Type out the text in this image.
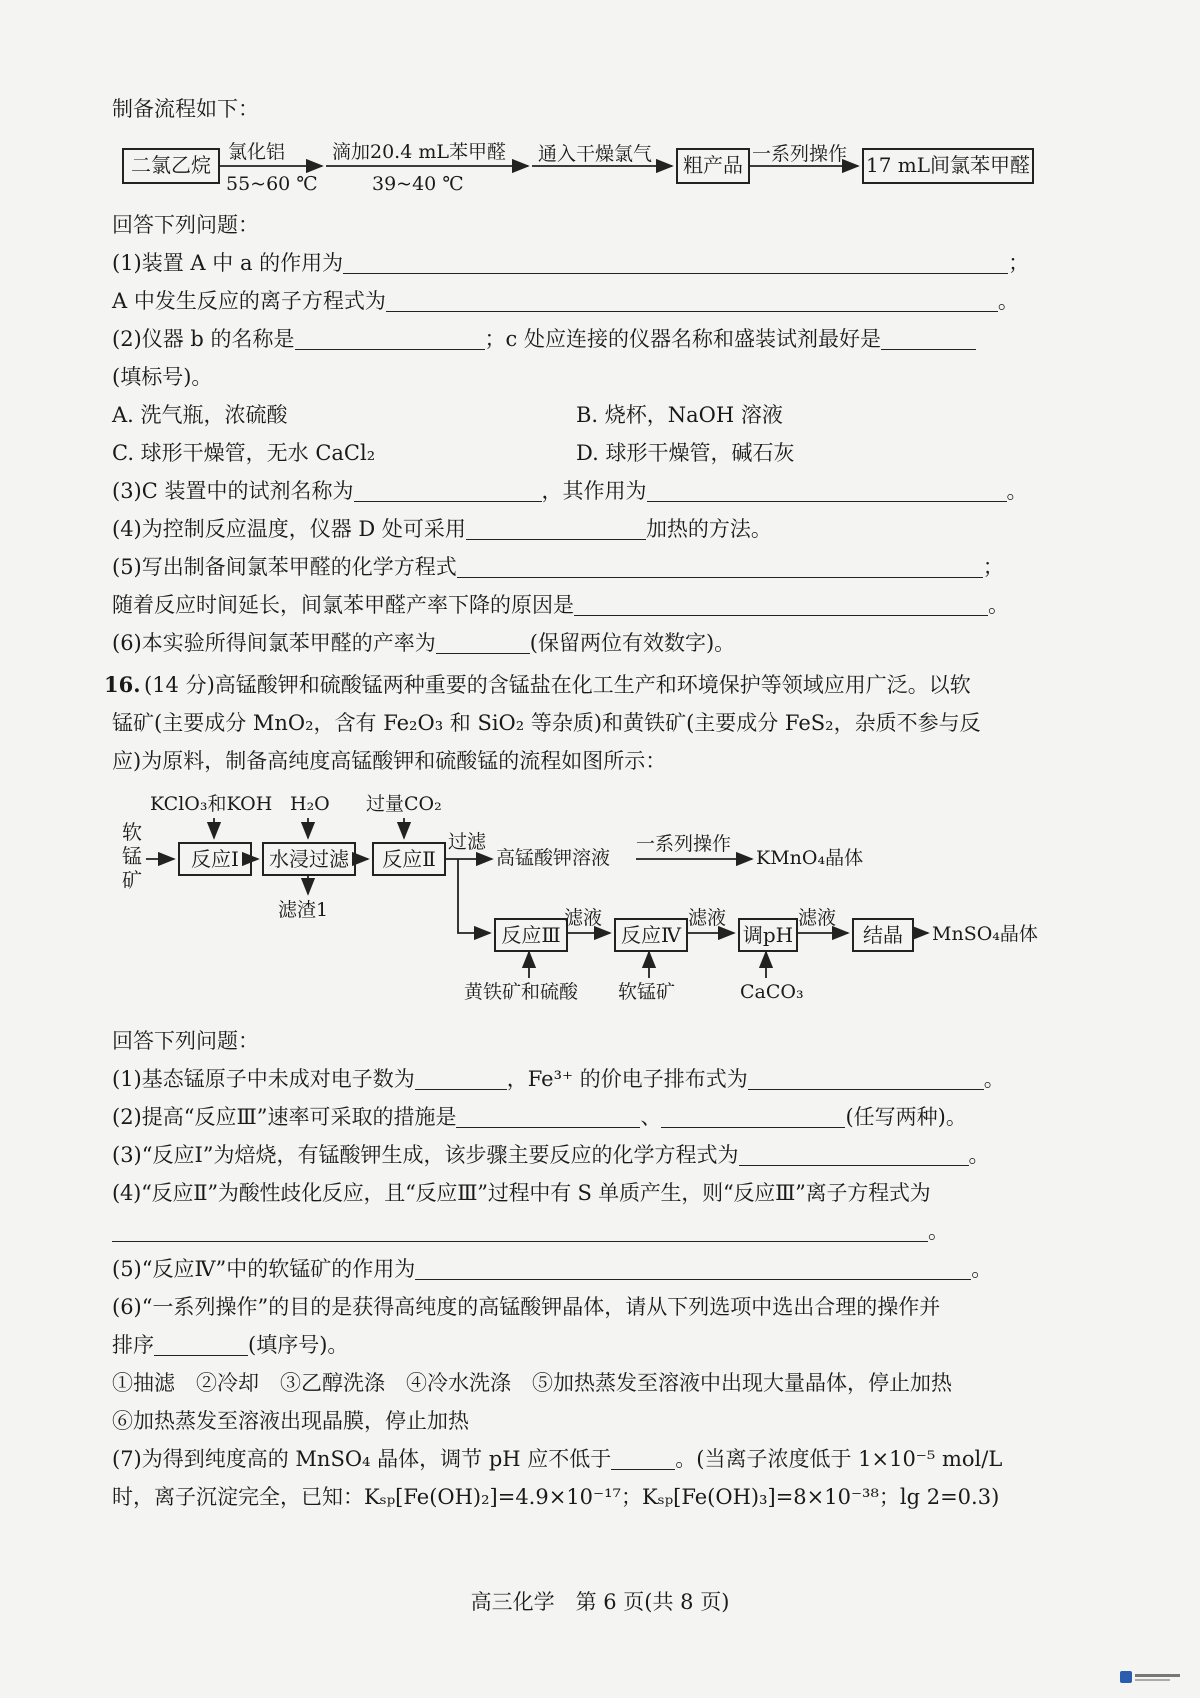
制备流程如下：
二氯乙烷
氯化铝
55~60 ℃
滴加20.4 mL苯甲醛
39~40 ℃
通入干燥氯气	粗产品 一系列操作 17 mL间氯苯甲醛
回答下列问题：
(1)装置 A 中 a 的作用为	；
A 中发生反应的离子方程式为	。
(2)仪器 b 的名称是	；c 处应连接的仪器名称和盛装试剂最好是
(填标号)。
A. 洗气瓶，浓硫酸	B. 烧杯，NaOH 溶液
C. 球形干燥管，无水 CaCl₂	D. 球形干燥管，碱石灰
(3)C 装置中的试剂名称为	，其作用为	。
(4)为控制反应温度，仪器 D 处可采用	加热的方法。
(5)写出制备间氯苯甲醛的化学方程式	；
随着反应时间延长，间氯苯甲醛产率下降的原因是	。
(6)本实验所得间氯苯甲醛的产率为	(保留两位有效数字)。
16. (14 分)高锰酸钾和硫酸锰两种重要的含锰盐在化工生产和环境保护等领域应用广泛。以软
锰矿(主要成分 MnO₂，含有 Fe₂O₃ 和 SiO₂ 等杂质)和黄铁矿(主要成分 FeS₂，杂质不参与反
应)为原料，制备高纯度高锰酸钾和硫酸锰的流程如图所示：
软锰矿
KClO₃和KOH H₂O 过量CO₂
反应Ⅰ	水浸过滤	反应Ⅱ
滤渣1
过滤
高锰酸钾溶液
一系列操作
KMnO₄晶体
反应Ⅲ
滤液
反应Ⅳ
滤液
调pH
滤液
结晶	MnSO₄晶体
黄铁矿和硫酸 软锰矿	CaCO₃
回答下列问题：
(1)基态锰原子中未成对电子数为	，Fe³⁺ 的价电子排布式为	。
(2)提高“反应Ⅲ”速率可采取的措施是	、	(任写两种)。
(3)“反应Ⅰ”为焙烧，有锰酸钾生成，该步骤主要反应的化学方程式为	。
(4)“反应Ⅱ”为酸性歧化反应，且“反应Ⅲ”过程中有 S 单质产生，则“反应Ⅲ”离子方程式为
。
(5)“反应Ⅳ”中的软锰矿的作用为	。
(6)“一系列操作”的目的是获得高纯度的高锰酸钾晶体，请从下列选项中选出合理的操作并
排序	(填序号)。
①抽滤　②冷却　③乙醇洗涤　④冷水洗涤　⑤加热蒸发至溶液中出现大量晶体，停止加热
⑥加热蒸发至溶液出现晶膜，停止加热
(7)为得到纯度高的 MnSO₄ 晶体，调节 pH 应不低于	。(当离子浓度低于 1×10⁻⁵ mol/L
时，离子沉淀完全，已知：Kₛₚ[Fe(OH)₂]=4.9×10⁻¹⁷；Kₛₚ[Fe(OH)₃]=8×10⁻³⁸；lg 2=0.3)
高三化学　第 6 页(共 8 页)
